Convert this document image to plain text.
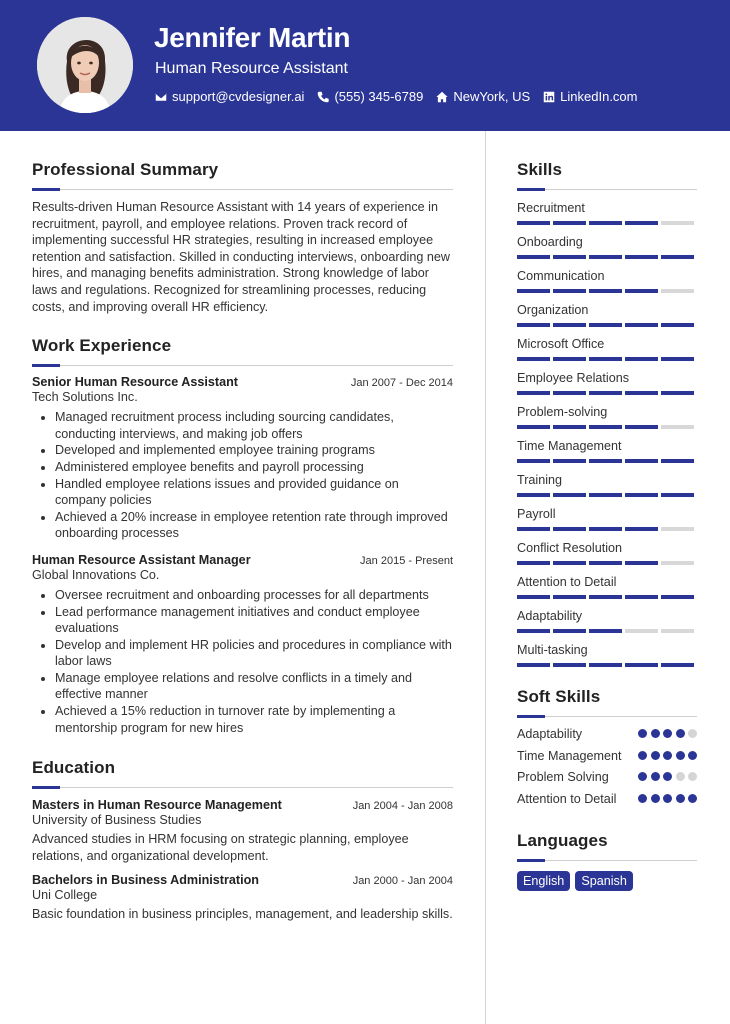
Jennifer Martin
Human Resource Assistant
support@cvdesigner.ai (555) 345-6789 NewYork, US LinkedIn.com
Professional Summary

Results-driven Human Resource Assistant with 14 years of experience in recruitment, payroll, and employee relations. Proven track record of implementing successful HR strategies, resulting in increased employee retention and satisfaction. Skilled in conducting interviews, onboarding new hires, and managing benefits administration. Strong knowledge of labor laws and regulations. Recognized for streamlining processes, reducing costs, and improving overall HR efficiency.

Work Experience
Senior Human Resource Assistant	Jan 2007 - Dec 2014
Tech Solutions Inc.
Managed recruitment process including sourcing candidates, conducting interviews, and making job offers
Developed and implemented employee training programs
Administered employee benefits and payroll processing
Handled employee relations issues and provided guidance on company policies
Achieved a 20% increase in employee retention rate through improved onboarding processes
Human Resource Assistant Manager	Jan 2015 - Present
Global Innovations Co.
Oversee recruitment and onboarding processes for all departments
Lead performance management initiatives and conduct employee evaluations
Develop and implement HR policies and procedures in compliance with labor laws
Manage employee relations and resolve conflicts in a timely and effective manner
Achieved a 15% reduction in turnover rate by implementing a mentorship program for new hires
Education
Masters in Human Resource Management	Jan 2004 - Jan 2008
University of Business Studies

Advanced studies in HRM focusing on strategic planning, employee relations, and organizational development.

Bachelors in Business Administration	Jan 2000 - Jan 2004
Uni College

Basic foundation in business principles, management, and leadership skills.

Skills
Recruitment
Onboarding
Communication
Organization
Microsoft Office
Employee Relations
Problem-solving
Time Management
Training
Payroll
Conflict Resolution
Attention to Detail
Adaptability
Multi-tasking
Soft Skills
Adaptability
Time Management
Problem Solving
Attention to Detail
Languages
English	Spanish
